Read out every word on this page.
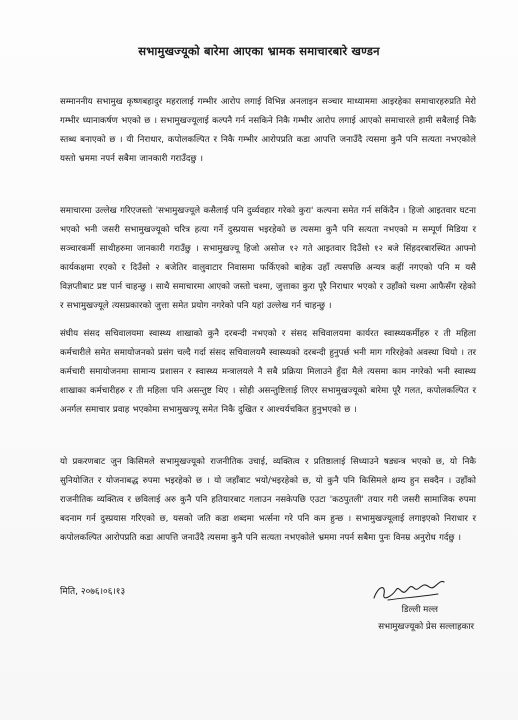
सभामुखज्यूको बारेमा आएका भ्रामक समाचारबारे खण्डन
सम्माननीय सभामुख कृष्णबहादुर महरालाई गम्भीर आरोप लगाई विभिन्न अनलाइन सञ्चार माध्याममा आइरहेका समाचारहरुप्रति मेरो गम्भीर ध्यानाकर्षण भएको छ । सभामुखज्यूलाई कल्पनै गर्न नसकिने निकै गम्भीर आरोप लगाई आएको समाचारले हामी सबैलाई निकै स्तब्ध बनाएको छ । यी निराधार, कपोलकल्पित र निकै गम्भीर आरोपप्रति कडा आपत्ति जनाउँदै त्यसमा कुनै पनि सत्यता नभएकोले यस्तो भ्रममा नपर्न सबैमा जानकारी गराउँदछु ।
समाचारमा उल्लेख गरिएजस्तो 'सभामुखज्यूले कसैलाई पनि दुर्व्यवहार गरेको कुरा' कल्पना समेत गर्न सकिंदैन । हिजो आइतवार घटना भएको भनी जसरी सभामुखज्यूको चरित्र हत्या गर्ने दुस्प्रयास भइरहेको छ त्यसमा कुनै पनि सत्यता नभएको म सम्पूर्ण मिडिया र सञ्चारकर्मी साथीहरुमा जानकारी गराउँछु । सभामुखज्यू हिजो असोज १२ गते आइतवार दिउँसो १२ बजे सिंहदरबारस्थित आफ्नो कार्यकक्षमा रएको र दिउँसो २ बजेतिर वालुवाटार निवासमा फर्किएको बाहेक उहाँ त्यसपछि अन्यत्र कहीं नगएको पनि म यसै विज्ञप्तीबाट प्रष्ट पार्न चाहन्छु । साथै समाचारमा आएको जस्तो चश्मा, जुत्ताका कुरा पूरै निराधार भएको र उहाँको चश्मा आफैसँग रहेको र सभामुखज्यूले त्यसप्रकारको जुत्ता समेत प्रयोग नगरेको पनि यहां उल्लेख गर्न चाहन्छु ।
संघीय संसद सचिवालयमा स्वास्थ्य शाखाको कुनै दरबन्दी नभएको र संसद सचिवालयमा कार्यरत स्वास्थ्यकर्मीहरु र ती महिला कर्मचारीले समेत समायोजनको प्रसंग चल्दै गर्दा संसद सचिवालयमै स्वास्थ्यको दरबन्दी हुनुपर्छ भनी माग गरिरहेको अवस्था थियो । तर कर्मचारी समायोजनमा सामान्य प्रशासन र स्वास्थ्य मन्त्रालयले नै सबै प्रक्रिया मिलाउने हुँदा मैले त्यसमा काम नगरेको भनी स्वास्थ्य शाखाका कर्मचारीहरु र ती महिला पनि असन्तुष्ट थिए । सोही असन्तुष्टिलाई लिएर सभामुखज्यूको बारेमा पूरै गलत, कपोलकल्पित र अनर्गल समाचार प्रवाह भएकोमा सभामुखज्यू समेत निकै दुखित र आश्चर्यचकित हुनुभएको छ ।
यो प्रकरणबाट जुन किसिमले सभामुखज्यूको राजनीतिक उचाई, व्यक्तित्व र प्रतिष्ठालाई सिध्याउने षड्यन्त्र भएको छ, यो निकै सुनियोजित र योजनाबद्ध रुपमा भइरहेको छ । यो जहाँबाट भयो/भइरहेको छ, यो कुनै पनि किसिमले क्षम्य हुन सक्दैन । उहाँको राजनीतिक व्यक्तित्व र छविलाई अरु कुनै पनि हतियारबाट गलाउन नसकेपछि एउटा 'कठपुतली' तयार गरी जसरी सामाजिक रुपमा बदनाम गर्न दुस्प्रयास गरिएको छ, यसको जति कडा शब्दमा भर्त्सना गरे पनि कम हुन्छ । सभामुखज्यूलाई लगाइएको निराधार र कपोलकल्पित आरोपप्रति कडा आपत्ति जनाउँदै त्यसमा कुनै पनि सत्यता नभएकोले भ्रममा नपर्न सबैमा पुनः विनम्र अनुरोध गर्दछु ।
मिति, २०७६।०६।१३
डिल्ली मल्ल
सभामुखज्यूको प्रेस सल्लाहकार
